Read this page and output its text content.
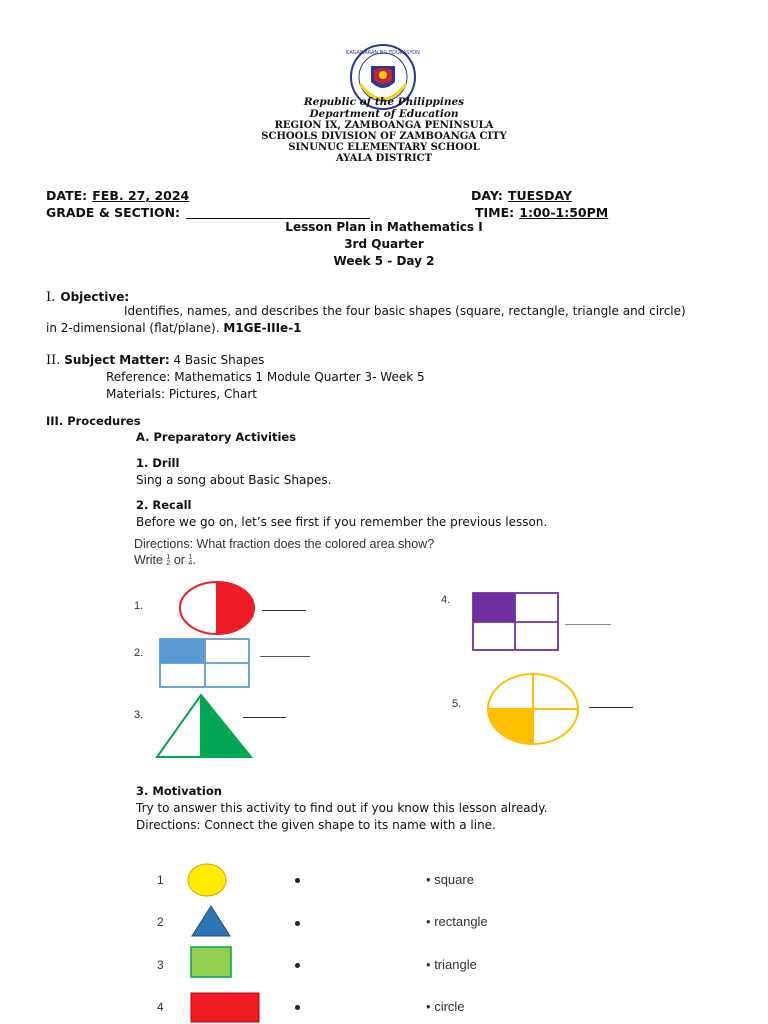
KAGAWARAN NG EDUKASYON
Republic of the Philippines
Department of Education
REGION IX, ZAMBOANGA PENINSULA
SCHOOLS DIVISION OF ZAMBOANGA CITY
SINUNUC ELEMENTARY SCHOOL
AYALA DISTRICT
DATE: FEB. 27, 2024	DAY: TUESDAY
GRADE & SECTION:	TIME: 1:00-1:50PM
Lesson Plan in Mathematics I
3rd Quarter
Week 5 - Day 2
I. Objective:
Identifies, names, and describes the four basic shapes (square, rectangle, triangle and circle)
in 2-dimensional (flat/plane). M1GE-IIIe-1
II. Subject Matter: 4 Basic Shapes
Reference: Mathematics 1 Module Quarter 3- Week 5
Materials: Pictures, Chart
III. Procedures
A. Preparatory Activities
1. Drill
Sing a song about Basic Shapes.
2. Recall
Before we go on, let’s see first if you remember the previous lesson.
Directions: What fraction does the colored area show?
Write 1
2 or 1
4.
1.
2.
3.
4.
5.
3. Motivation
Try to answer this activity to find out if you know this lesson already.
Directions: Connect the given shape to its name with a line.
1
2
3
4
• square
• rectangle
• triangle
• circle
